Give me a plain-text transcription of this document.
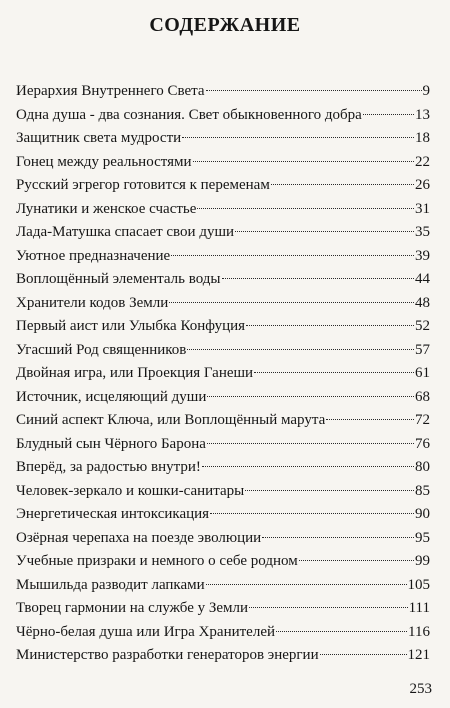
СОДЕРЖАНИЕ
Иерархия Внутреннего Света	9
Одна душа - два сознания. Свет обыкновенного добра	13
Защитник света мудрости	18
Гонец между реальностями	22
Русский эгрегор готовится к переменам	26
Лунатики и женское счастье	31
Лада-Матушка спасает свои души	35
Уютное предназначение	39
Воплощённый элементаль воды	44
Хранители кодов Земли	48
Первый аист или Улыбка Конфуция	52
Угасший Род священников	57
Двойная игра, или Проекция Ганеши	61
Источник, исцеляющий души	68
Синий аспект Ключа, или Воплощённый марута	72
Блудный сын Чёрного Барона	76
Вперёд, за радостью внутри!	80
Человек-зеркало и кошки-санитары	85
Энергетическая интоксикация	90
Озёрная черепаха на поезде эволюции	95
Учебные призраки и немного о себе родном	99
Мышильда разводит лапками	105
Творец гармонии на службе у Земли	111
Чёрно-белая душа или Игра Хранителей	116
Министерство разработки генераторов энергии	121
253
